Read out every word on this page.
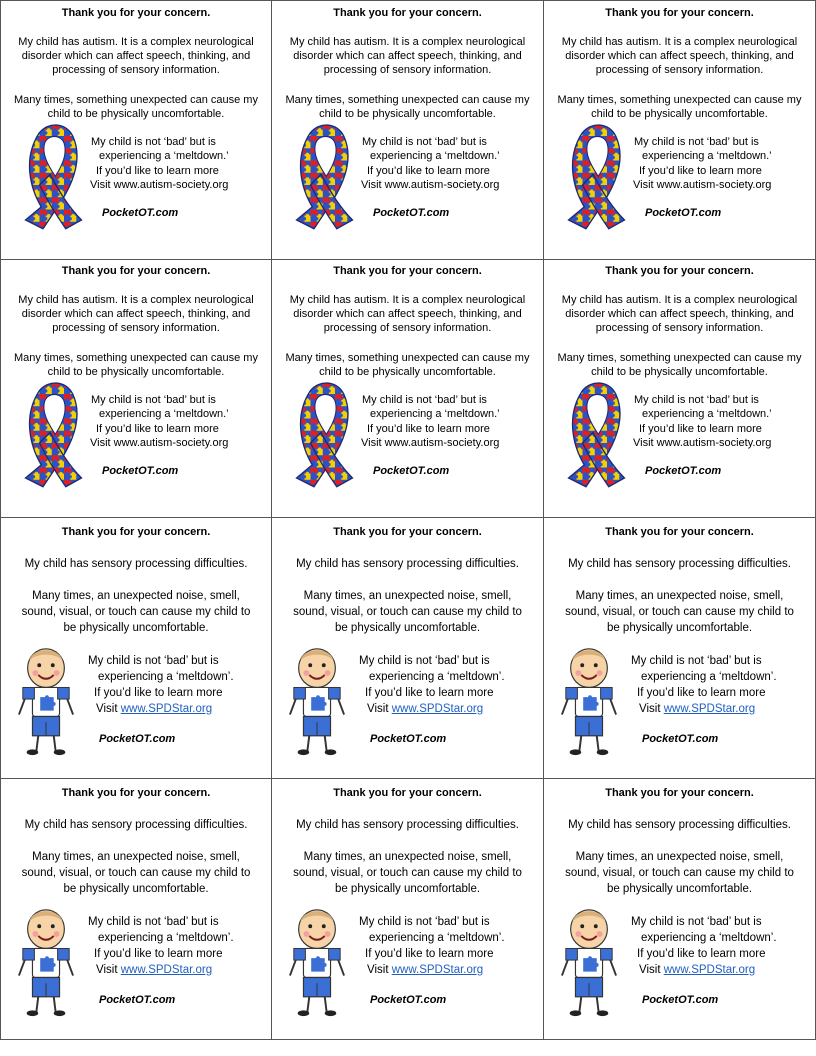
Thank you for your concern.
My child has autism. It is a complex neurological
disorder which can affect speech, thinking, and
processing of sensory information.
Many times, something unexpected can cause my
child to be physically uncomfortable.
My child is not ‘bad’ but is
experiencing a ‘meltdown.’
If you’d like to learn more
Visit www.autism-society.org
PocketOT.com
Thank you for your concern.
My child has autism. It is a complex neurological
disorder which can affect speech, thinking, and
processing of sensory information.
Many times, something unexpected can cause my
child to be physically uncomfortable.
My child is not ‘bad’ but is
experiencing a ‘meltdown.’
If you’d like to learn more
Visit www.autism-society.org
PocketOT.com
Thank you for your concern.
My child has autism. It is a complex neurological
disorder which can affect speech, thinking, and
processing of sensory information.
Many times, something unexpected can cause my
child to be physically uncomfortable.
My child is not ‘bad’ but is
experiencing a ‘meltdown.’
If you’d like to learn more
Visit www.autism-society.org
PocketOT.com
Thank you for your concern.
My child has autism. It is a complex neurological
disorder which can affect speech, thinking, and
processing of sensory information.
Many times, something unexpected can cause my
child to be physically uncomfortable.
My child is not ‘bad’ but is
experiencing a ‘meltdown.’
If you’d like to learn more
Visit www.autism-society.org
PocketOT.com
Thank you for your concern.
My child has autism. It is a complex neurological
disorder which can affect speech, thinking, and
processing of sensory information.
Many times, something unexpected can cause my
child to be physically uncomfortable.
My child is not ‘bad’ but is
experiencing a ‘meltdown.’
If you’d like to learn more
Visit www.autism-society.org
PocketOT.com
Thank you for your concern.
My child has autism. It is a complex neurological
disorder which can affect speech, thinking, and
processing of sensory information.
Many times, something unexpected can cause my
child to be physically uncomfortable.
My child is not ‘bad’ but is
experiencing a ‘meltdown.’
If you’d like to learn more
Visit www.autism-society.org
PocketOT.com
Thank you for your concern.
My child has sensory processing difficulties.
Many times, an unexpected noise, smell,
sound, visual, or touch can cause my child to
be physically uncomfortable.
My child is not ‘bad’ but is
experiencing a ‘meltdown’.
If you’d like to learn more
Visit www.SPDStar.org
PocketOT.com
Thank you for your concern.
My child has sensory processing difficulties.
Many times, an unexpected noise, smell,
sound, visual, or touch can cause my child to
be physically uncomfortable.
My child is not ‘bad’ but is
experiencing a ‘meltdown’.
If you’d like to learn more
Visit www.SPDStar.org
PocketOT.com
Thank you for your concern.
My child has sensory processing difficulties.
Many times, an unexpected noise, smell,
sound, visual, or touch can cause my child to
be physically uncomfortable.
My child is not ‘bad’ but is
experiencing a ‘meltdown’.
If you’d like to learn more
Visit www.SPDStar.org
PocketOT.com
Thank you for your concern.
My child has sensory processing difficulties.
Many times, an unexpected noise, smell,
sound, visual, or touch can cause my child to
be physically uncomfortable.
My child is not ‘bad’ but is
experiencing a ‘meltdown’.
If you’d like to learn more
Visit www.SPDStar.org
PocketOT.com
Thank you for your concern.
My child has sensory processing difficulties.
Many times, an unexpected noise, smell,
sound, visual, or touch can cause my child to
be physically uncomfortable.
My child is not ‘bad’ but is
experiencing a ‘meltdown’.
If you’d like to learn more
Visit www.SPDStar.org
PocketOT.com
Thank you for your concern.
My child has sensory processing difficulties.
Many times, an unexpected noise, smell,
sound, visual, or touch can cause my child to
be physically uncomfortable.
My child is not ‘bad’ but is
experiencing a ‘meltdown’.
If you’d like to learn more
Visit www.SPDStar.org
PocketOT.com
